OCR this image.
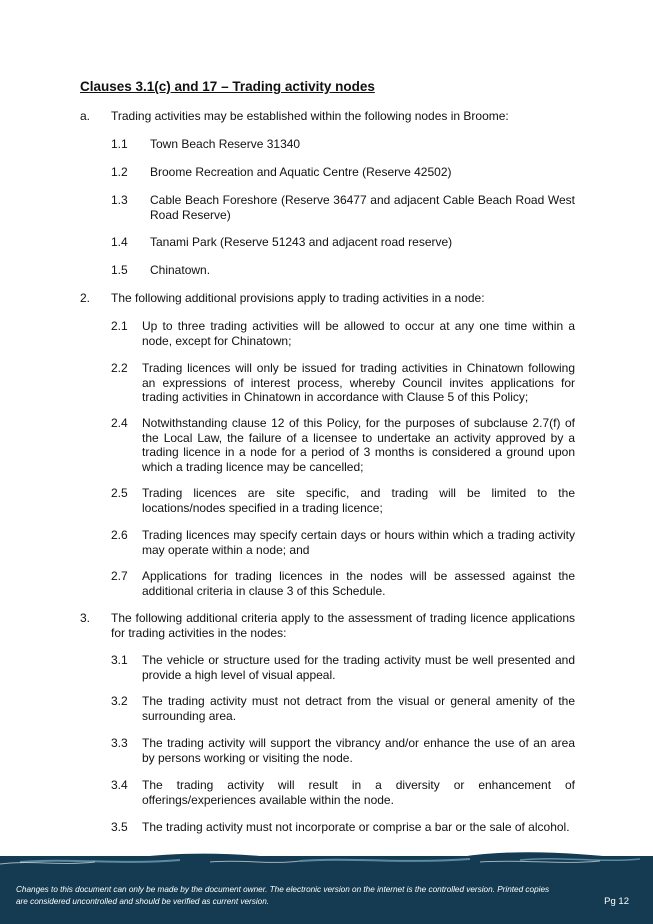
Clauses 3.1(c) and 17 – Trading activity nodes
a. Trading activities may be established within the following nodes in Broome:
1.1 Town Beach Reserve 31340
1.2 Broome Recreation and Aquatic Centre (Reserve 42502)
1.3 Cable Beach Foreshore (Reserve 36477 and adjacent Cable Beach Road West Road Reserve)
1.4 Tanami Park (Reserve 51243 and adjacent road reserve)
1.5 Chinatown.
2. The following additional provisions apply to trading activities in a node:
2.1 Up to three trading activities will be allowed to occur at any one time within a node, except for Chinatown;
2.2 Trading licences will only be issued for trading activities in Chinatown following an expressions of interest process, whereby Council invites applications for trading activities in Chinatown in accordance with Clause 5 of this Policy;
2.4 Notwithstanding clause 12 of this Policy, for the purposes of subclause 2.7(f) of the Local Law, the failure of a licensee to undertake an activity approved by a trading licence in a node for a period of 3 months is considered a ground upon which a trading licence may be cancelled;
2.5 Trading licences are site specific, and trading will be limited to the locations/nodes specified in a trading licence;
2.6 Trading licences may specify certain days or hours within which a trading activity may operate within a node; and
2.7 Applications for trading licences in the nodes will be assessed against the additional criteria in clause 3 of this Schedule.
3. The following additional criteria apply to the assessment of trading licence applications for trading activities in the nodes:
3.1 The vehicle or structure used for the trading activity must be well presented and provide a high level of visual appeal.
3.2 The trading activity must not detract from the visual or general amenity of the surrounding area.
3.3 The trading activity will support the vibrancy and/or enhance the use of an area by persons working or visiting the node.
3.4 The trading activity will result in a diversity or enhancement of offerings/experiences available within the node.
3.5 The trading activity must not incorporate or comprise a bar or the sale of alcohol.
Changes to this document can only be made by the document owner. The electronic version on the internet is the controlled version. Printed copies are considered uncontrolled and should be verified as current version.	Pg 12
